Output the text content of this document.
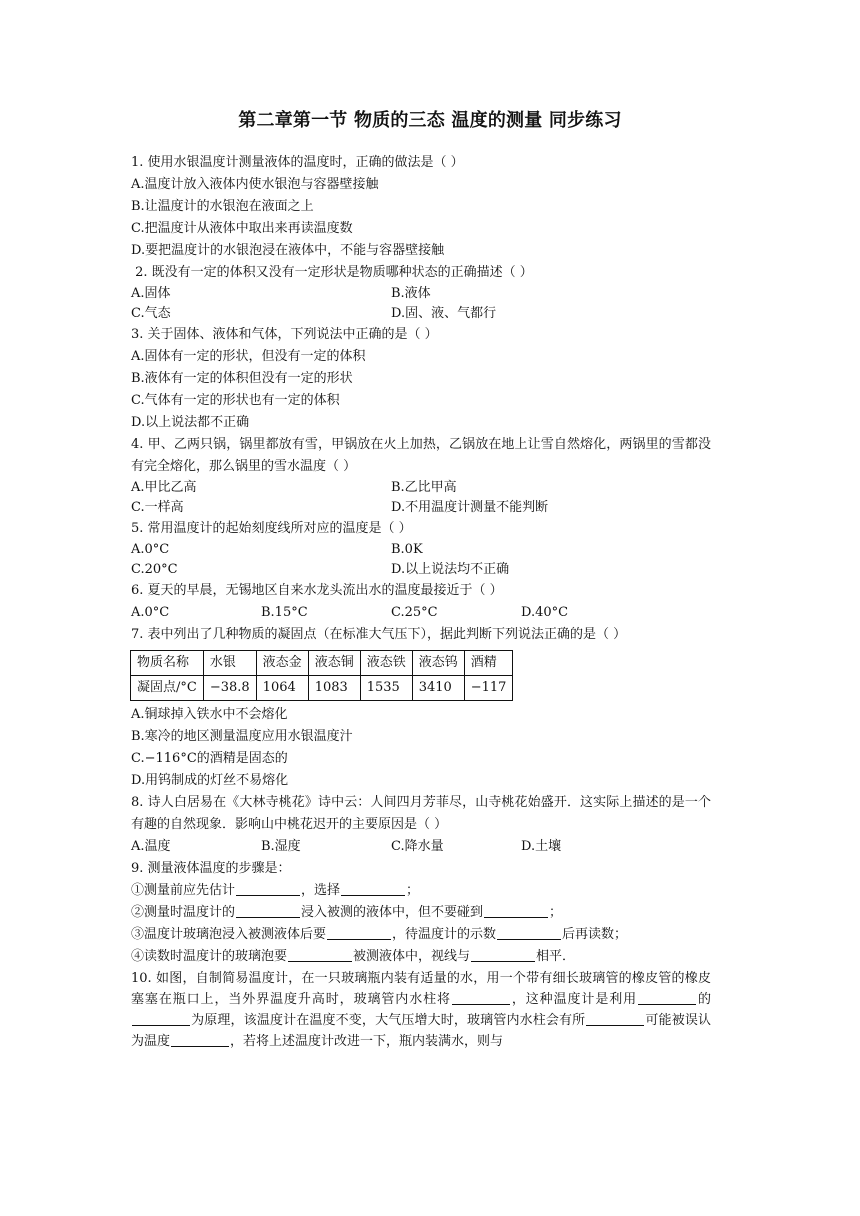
第二章第一节 物质的三态 温度的测量 同步练习
1. 使用水银温度计测量液体的温度时，正确的做法是（ ）
A.温度计放入液体内使水银泡与容器壁接触
B.让温度计的水银泡在液面之上
C.把温度计从液体中取出来再读温度数
D.要把温度计的水银泡浸在液体中，不能与容器壁接触
2. 既没有一定的体积又没有一定形状是物质哪种状态的正确描述（ ）
A.固体	B.液体
C.气态	D.固、液、气都行
3. 关于固体、液体和气体，下列说法中正确的是（ ）
A.固体有一定的形状，但没有一定的体积
B.液体有一定的体积但没有一定的形状
C.气体有一定的形状也有一定的体积
D.以上说法都不正确
4. 甲、乙两只锅，锅里都放有雪，甲锅放在火上加热，乙锅放在地上让雪自然熔化，两锅里的雪都没有完全熔化，那么锅里的雪水温度（ ）
A.甲比乙高	B.乙比甲高
C.一样高	D.不用温度计测量不能判断
5. 常用温度计的起始刻度线所对应的温度是（ ）
A.0°C	B.0K
C.20°C	D.以上说法均不正确
6. 夏天的早晨，无锡地区自来水龙头流出水的温度最接近于（ ）
A.0°C	B.15°C	C.25°C	D.40°C
7. 表中列出了几种物质的凝固点（在标准大气压下），据此判断下列说法正确的是（ ）
物质名称	水银	液态金	液态铜	液态铁	液态钨	酒精
凝固点/°C	−38.8	1064	1083	1535	3410	−117
A.铜球掉入铁水中不会熔化
B.寒冷的地区测量温度应用水银温度汁
C.−116°C的酒精是固态的
D.用钨制成的灯丝不易熔化
8. 诗人白居易在《大林寺桃花》诗中云：人间四月芳菲尽，山寺桃花始盛开．这实际上描述的是一个有趣的自然现象．影响山中桃花迟开的主要原因是（ ）
A.温度	B.湿度	C.降水量	D.土壤
9. 测量液体温度的步骤是：
①测量前应先估计	，选择	；
②测量时温度计的	浸入被测的液体中，但不要碰到	；
③温度计玻璃泡浸入被测液体后要	，待温度计的示数	后再读数；
④读数时温度计的玻璃泡要	被测液体中，视线与	相平．
10. 如图，自制简易温度计，在一只玻璃瓶内装有适量的水，用一个带有细长玻璃管的橡皮管的橡皮塞塞在瓶口上，当外界温度升高时，玻璃管内水柱将	，这种温度计是利用	的为原理，该温度计在温度不变，大气压增大时，玻璃管内水柱会有所	可能被误认为温度	，若将上述温度计改进一下，瓶内装满水，则与
